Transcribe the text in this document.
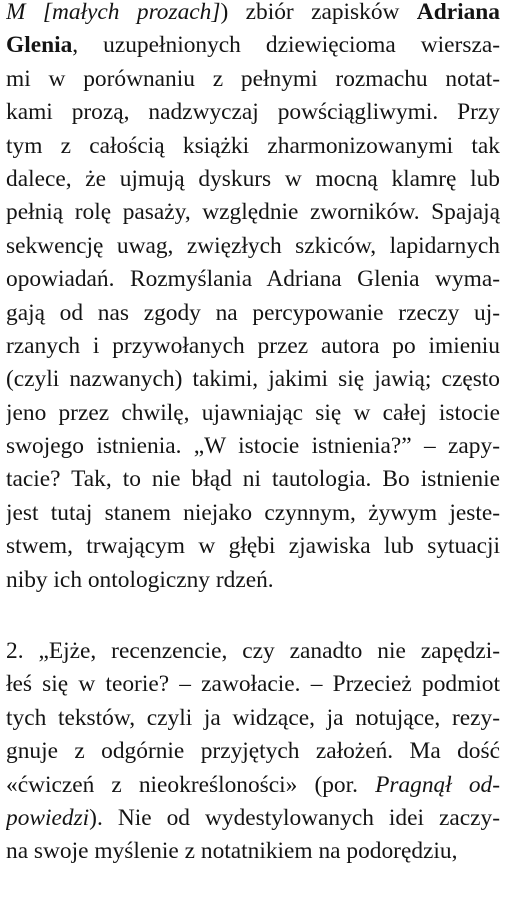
M [małych prozach]) zbiór zapisków Adriana
Glenia, uzupełnionych dziewięcioma wiersza-
mi w porównaniu z pełnymi rozmachu notat-
kami prozą, nadzwyczaj powściągliwymi. Przy
tym z całością książki zharmonizowanymi tak
dalece, że ujmują dyskurs w mocną klamrę lub
pełnią rolę pasaży, względnie zworników. Spajają
sekwencję uwag, zwięzłych szkiców, lapidarnych
opowiadań. Rozmyślania Adriana Glenia wyma-
gają od nas zgody na percypowanie rzeczy uj-
rzanych i przywołanych przez autora po imieniu
(czyli nazwanych) takimi, jakimi się jawią; często
jeno przez chwilę, ujawniając się w całej istocie
swojego istnienia. „W istocie istnienia?” – zapy-
tacie? Tak, to nie błąd ni tautologia. Bo istnienie
jest tutaj stanem niejako czynnym, żywym jeste-
stwem, trwającym w głębi zjawiska lub sytuacji
niby ich ontologiczny rdzeń.
2. „Ejże, recenzencie, czy zanadto nie zapędzi-
łeś się w teorie? – zawołacie. – Przecież podmiot
tych tekstów, czyli ja widzące, ja notujące, rezy-
gnuje z odgórnie przyjętych założeń. Ma dość
«ćwiczeń z nieokreśloności» (por. Pragnął od-
powiedzi). Nie od wydestylowanych idei zaczy-
na swoje myślenie z notatnikiem na podorędziu,
